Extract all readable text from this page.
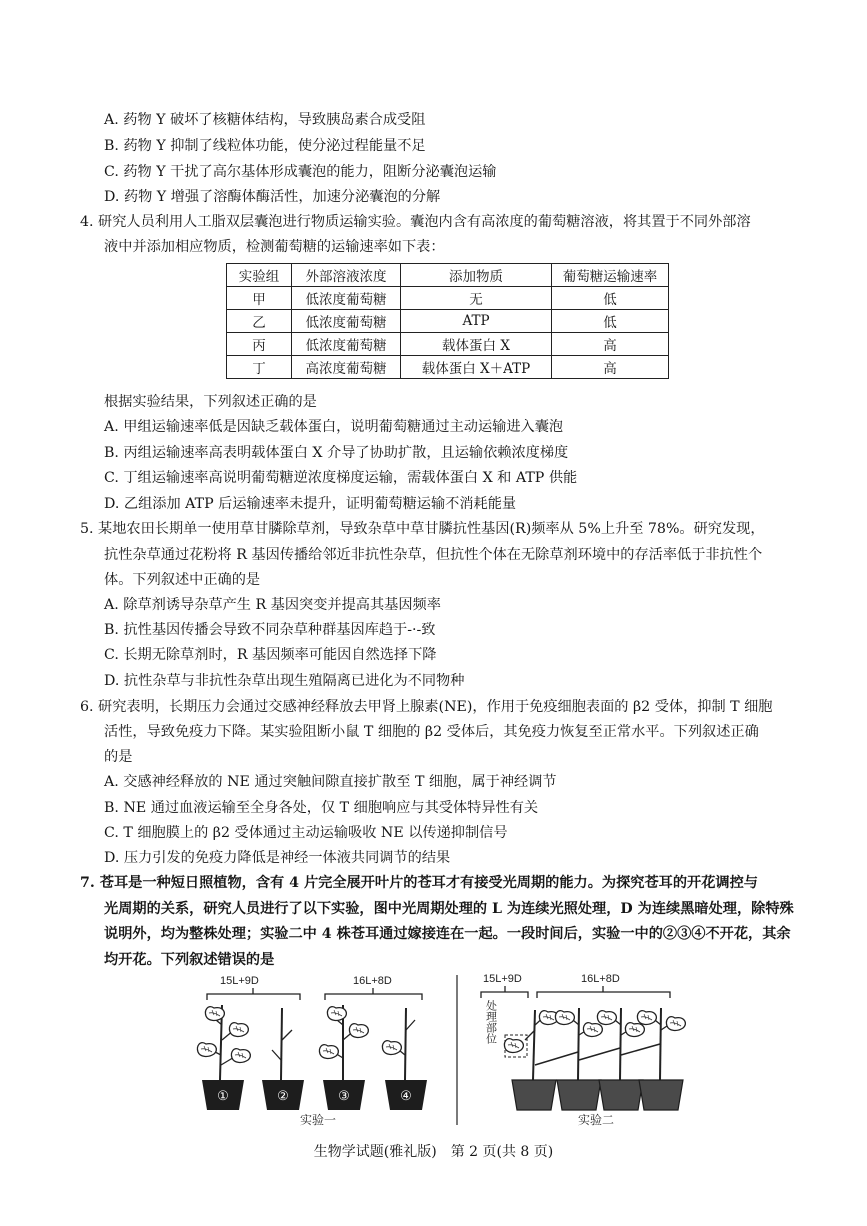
A. 药物 Y 破坏了核糖体结构，导致胰岛素合成受阻
B. 药物 Y 抑制了线粒体功能，使分泌过程能量不足
C. 药物 Y 干扰了高尔基体形成囊泡的能力，阻断分泌囊泡运输
D. 药物 Y 增强了溶酶体酶活性，加速分泌囊泡的分解
4. 研究人员利用人工脂双层囊泡进行物质运输实验。囊泡内含有高浓度的葡萄糖溶液，将其置于不同外部溶
液中并添加相应物质，检测葡萄糖的运输速率如下表：
实验组	外部溶液浓度	添加物质	葡萄糖运输速率
甲	低浓度葡萄糖	无	低
乙	低浓度葡萄糖	ATP	低
丙	低浓度葡萄糖	载体蛋白 X	高
丁	高浓度葡萄糖	载体蛋白 X＋ATP	高
根据实验结果，下列叙述正确的是
A. 甲组运输速率低是因缺乏载体蛋白，说明葡萄糖通过主动运输进入囊泡
B. 丙组运输速率高表明载体蛋白 X 介导了协助扩散，且运输依赖浓度梯度
C. 丁组运输速率高说明葡萄糖逆浓度梯度运输，需载体蛋白 X 和 ATP 供能
D. 乙组添加 ATP 后运输速率未提升，证明葡萄糖运输不消耗能量
5. 某地农田长期单一使用草甘膦除草剂，导致杂草中草甘膦抗性基因(R)频率从 5%上升至 78%。研究发现，
抗性杂草通过花粉将 R 基因传播给邻近非抗性杂草，但抗性个体在无除草剂环境中的存活率低于非抗性个
体。下列叙述中正确的是
A. 除草剂诱导杂草产生 R 基因突变并提高其基因频率
B. 抗性基因传播会导致不同杂草种群基因库趋于-·-致
C. 长期无除草剂时，R 基因频率可能因自然选择下降
D. 抗性杂草与非抗性杂草出现生殖隔离已进化为不同物种
6. 研究表明，长期压力会通过交感神经释放去甲肾上腺素(NE)，作用于免疫细胞表面的 β2 受体，抑制 T 细胞
活性，导致免疫力下降。某实验阻断小鼠 T 细胞的 β2 受体后，其免疫力恢复至正常水平。下列叙述正确
的是
A. 交感神经释放的 NE 通过突触间隙直接扩散至 T 细胞，属于神经调节
B. NE 通过血液运输至全身各处，仅 T 细胞响应与其受体特异性有关
C. T 细胞膜上的 β2 受体通过主动运输吸收 NE 以传递抑制信号
D. 压力引发的免疫力降低是神经一体液共同调节的结果
7. 苍耳是一种短日照植物，含有 4 片完全展开叶片的苍耳才有接受光周期的能力。为探究苍耳的开花调控与
光周期的关系，研究人员进行了以下实验，图中光周期处理的 L 为连续光照处理，D 为连续黑暗处理，除特殊
说明外，均为整株处理；实验二中 4 株苍耳通过嫁接连在一起。一段时间后，实验一中的②③④不开花，其余
均开花。下列叙述错误的是
15L+9D	16L+8D
①	②	③	④
实验一
15L+9D	16L+8D
处理部位
实验二
生物学试题(雅礼版)　第 2 页(共 8 页)
